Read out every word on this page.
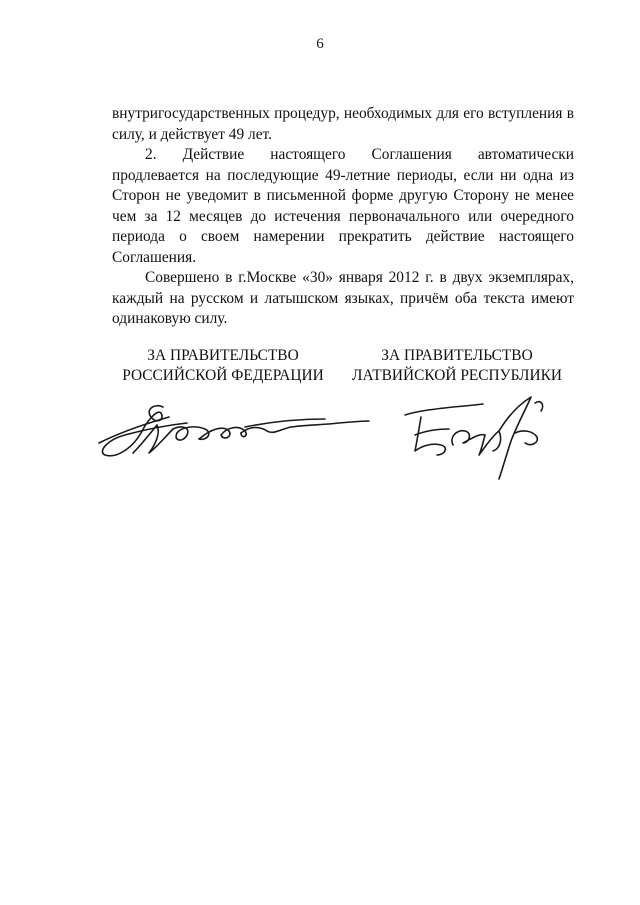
6

внутригосударственных процедур, необходимых для его вступления в силу, и действует 49 лет.

2. Действие настоящего Соглашения автоматически продлевается на последующие 49-летние периоды, если ни одна из Сторон не уведомит в письменной форме другую Сторону не менее чем за 12 месяцев до истечения первоначального или очередного периода о своем намерении прекратить действие настоящего Соглашения.

Совершено в г.Москве «30» января 2012 г. в двух экземплярах, каждый на русском и латышском языках, причём оба текста имеют одинаковую силу.

ЗА ПРАВИТЕЛЬСТВО
РОССИЙСКОЙ ФЕДЕРАЦИИ
ЗА ПРАВИТЕЛЬСТВО
ЛАТВИЙСКОЙ РЕСПУБЛИКИ
